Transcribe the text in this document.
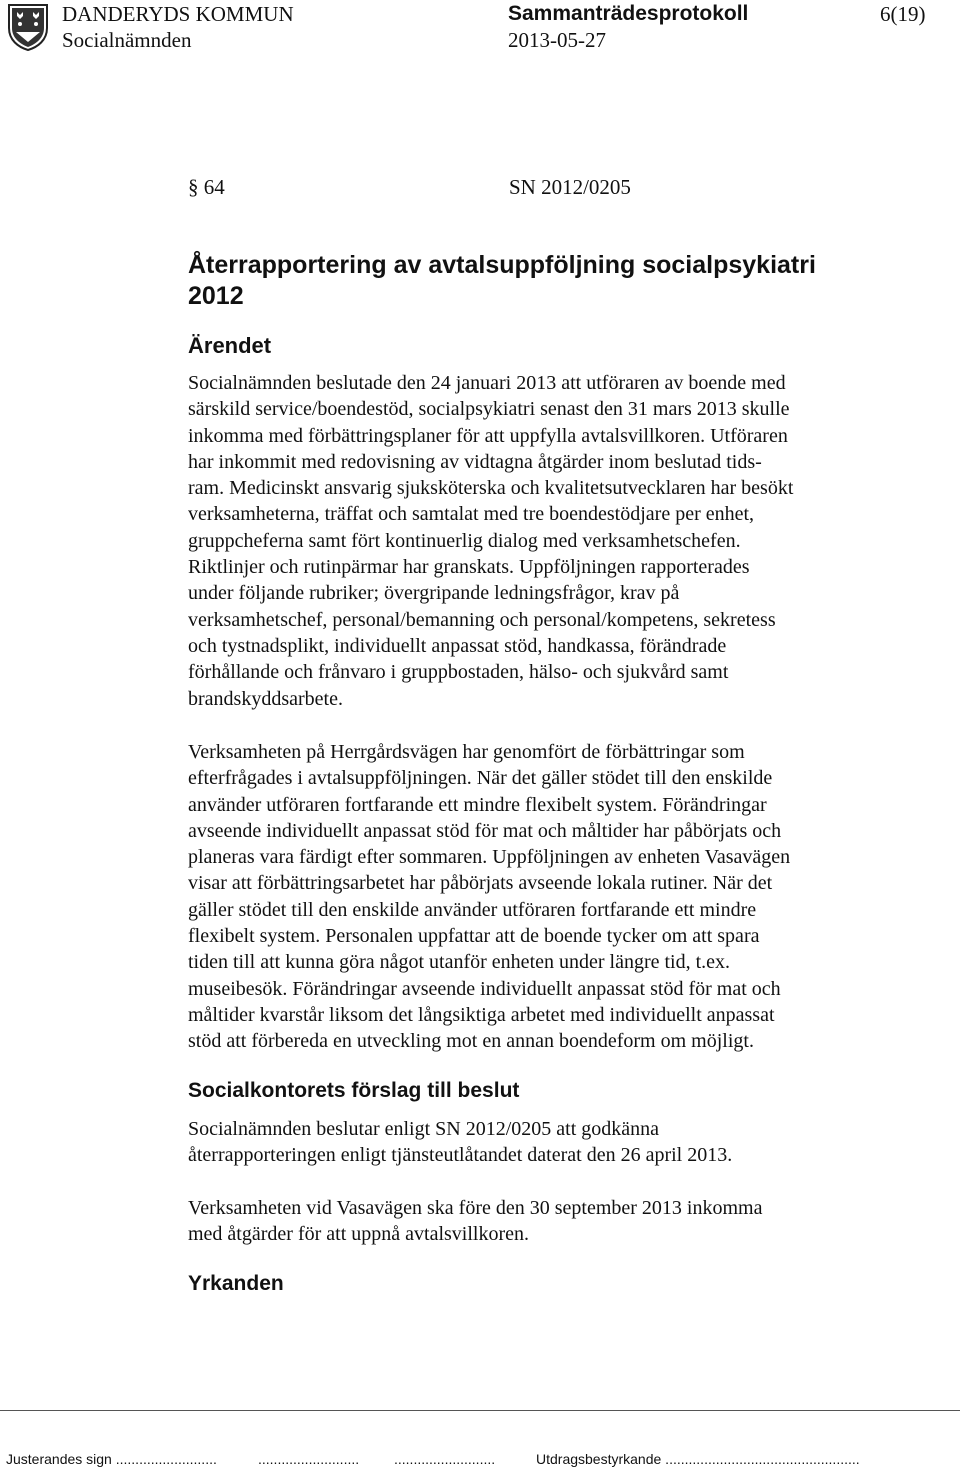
DANDERYDS KOMMUN
Socialnämnden
Sammanträdesprotokoll
2013-05-27
6(19)
§ 64	SN 2012/0205
Återrapportering av avtalsuppföljning socialpsykiatri
2012
Ärendet
Socialnämnden beslutade den 24 januari 2013 att utföraren av boende med
särskild service/boendestöd, socialpsykiatri senast den 31 mars 2013 skulle
inkomma med förbättringsplaner för att uppfylla avtalsvillkoren. Utföraren
har inkommit med redovisning av vidtagna åtgärder inom beslutad tids-
ram. Medicinskt ansvarig sjuksköterska och kvalitetsutvecklaren har besökt
verksamheterna, träffat och samtalat med tre boendestödjare per enhet,
gruppcheferna samt fört kontinuerlig dialog med verksamhetschefen.
Riktlinjer och rutinpärmar har granskats. Uppföljningen rapporterades
under följande rubriker; övergripande ledningsfrågor, krav på
verksamhetschef, personal/bemanning och personal/kompetens, sekretess
och tystnadsplikt, individuellt anpassat stöd, handkassa, förändrade
förhållande och frånvaro i gruppbostaden, hälso- och sjukvård samt
brandskyddsarbete.
Verksamheten på Herrgårdsvägen har genomfört de förbättringar som
efterfrågades i avtalsuppföljningen. När det gäller stödet till den enskilde
använder utföraren fortfarande ett mindre flexibelt system. Förändringar
avseende individuellt anpassat stöd för mat och måltider har påbörjats och
planeras vara färdigt efter sommaren. Uppföljningen av enheten Vasavägen
visar att förbättringsarbetet har påbörjats avseende lokala rutiner. När det
gäller stödet till den enskilde använder utföraren fortfarande ett mindre
flexibelt system. Personalen uppfattar att de boende tycker om att spara
tiden till att kunna göra något utanför enheten under längre tid, t.ex.
museibesök. Förändringar avseende individuellt anpassat stöd för mat och
måltider kvarstår liksom det långsiktiga arbetet med individuellt anpassat
stöd att förbereda en utveckling mot en annan boendeform om möjligt.
Socialkontorets förslag till beslut
Socialnämnden beslutar enligt SN 2012/0205 att godkänna
återrapporteringen enligt tjänsteutlåtandet daterat den 26 april 2013.
Verksamheten vid Vasavägen ska före den 30 september 2013 inkomma
med åtgärder för att uppnå avtalsvillkoren.
Yrkanden
Justerandes sign ..........................	.......................... ..........................	Utdragsbestyrkande ..................................................
